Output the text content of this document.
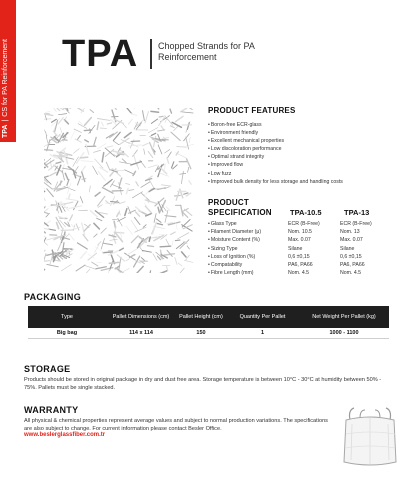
TPA|CS for PA Reinforcement TPA Chopped Strands for PA Reinforcement
PRODUCT FEATURES
• Boron-free ECR-glass
• Environment friendly
• Excellent mechanical properties
• Low discoloration performance
• Optimal strand integrity
• Improved flow
• Low fuzz
• Improved bulk density for less storage and handling costs
PRODUCT SPECIFICATION	TPA-10.5	TPA-13
• Glass Type	ECR (B-Free)	ECR (B-Free)
• Filament Diameter (μ)	Nom. 10.5	Nom. 13
• Moisture Content (%)	Max. 0.07	Max. 0.07
• Sizing Type	Silane	Silane
• Loss of Ignition (%)	0,6 ±0,15	0,6 ±0,15
• Compatability	PA6, PA66	PA6, PA66
• Fibre Length (mm)	Nom. 4.5	Nom. 4.5
PACKAGING
Type	Pallet Dimensions (cm)	Pallet Height (cm)	Quantity Per Pallet	Net Weight Per Pallet (kg)
Big bag	114 x 114	150	1	1000 - 1100
STORAGE
Products should be stored in original package in dry and dust free area. Storage temperature is between 10°C - 30°C at humidity between 50% - 75%. Pallets must be single stacked.
WARRANTY
All physical & chemical properties represent average values and subject to normal production variations. The specifications are also subject to change. For current information please contact Besler Office.
www.beslerglassfiber.com.tr
